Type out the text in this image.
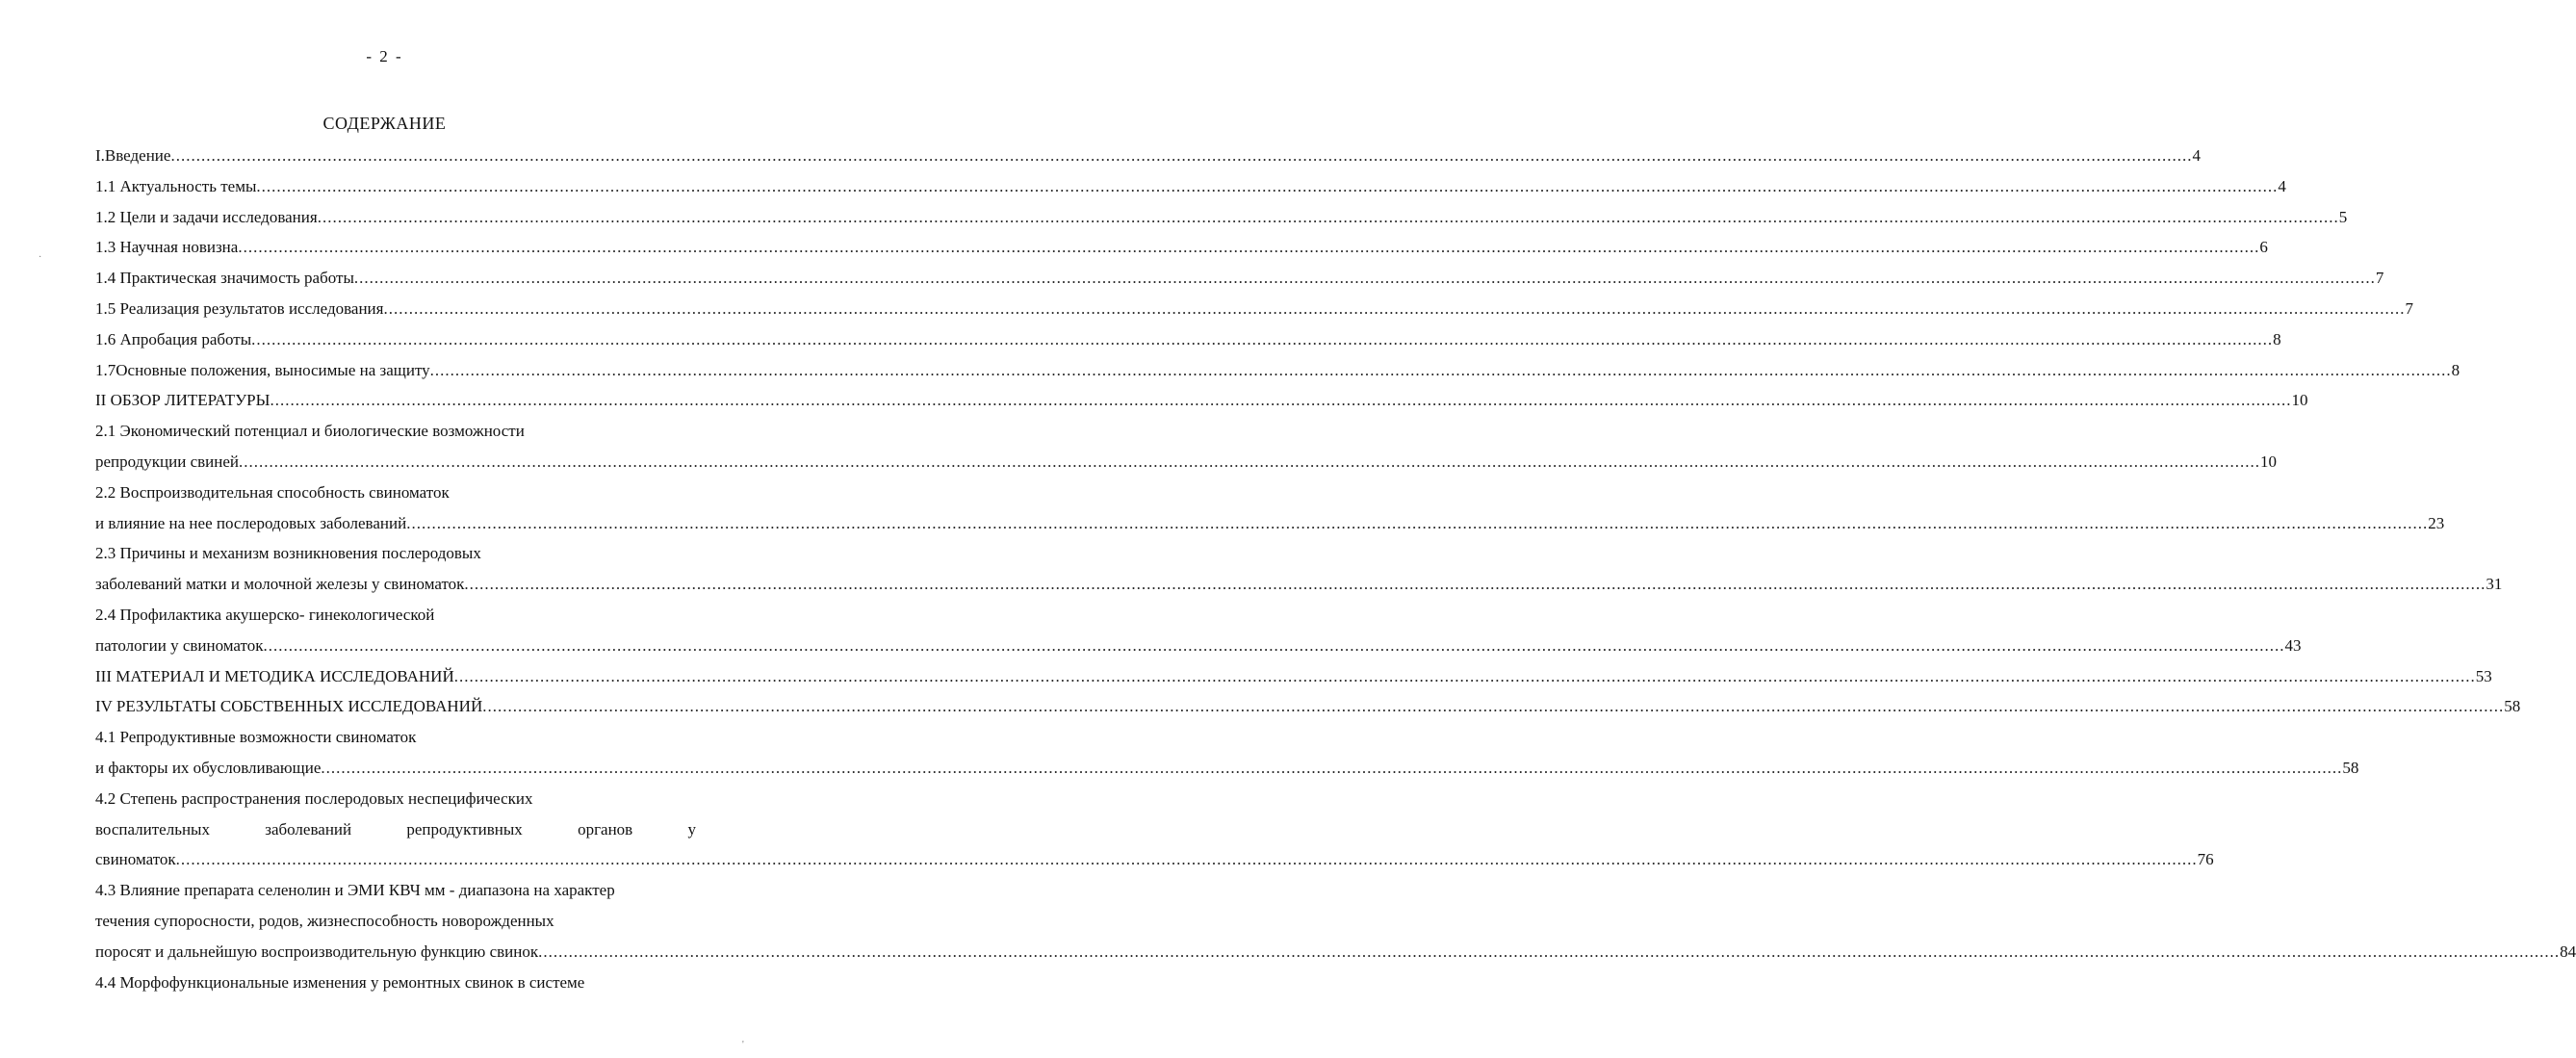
- 2 -
СОДЕРЖАНИЕ
I.Введение ................................................................................................................................................................................................................................................................................................................................................................................................................ 4
1.1 Актуальность темы ................................................................................................................................................................................................................................................................................................................................................................................................................ 4
1.2 Цели и задачи исследования ................................................................................................................................................................................................................................................................................................................................................................................................................ 5
1.3 Научная новизна ................................................................................................................................................................................................................................................................................................................................................................................................................ 6
1.4 Практическая значимость работы ................................................................................................................................................................................................................................................................................................................................................................................................................ 7
1.5 Реализация результатов исследования ................................................................................................................................................................................................................................................................................................................................................................................................................ 7
1.6 Апробация работы ................................................................................................................................................................................................................................................................................................................................................................................................................ 8
1.7Основные положения, выносимые на защиту ................................................................................................................................................................................................................................................................................................................................................................................................................ 8
II ОБЗОР ЛИТЕРАТУРЫ ................................................................................................................................................................................................................................................................................................................................................................................................................ 10
2.1 Экономический потенциал и биологические возможности
репродукции свиней ................................................................................................................................................................................................................................................................................................................................................................................................................ 10
2.2 Воспроизводительная способность свиноматок
и влияние на нее послеродовых заболеваний ................................................................................................................................................................................................................................................................................................................................................................................................................ 23
2.3 Причины и механизм возникновения послеродовых
заболеваний матки и молочной железы у свиноматок ................................................................................................................................................................................................................................................................................................................................................................................................................ 31
2.4 Профилактика акушерско- гинекологической
патологии у свиноматок ................................................................................................................................................................................................................................................................................................................................................................................................................ 43
III МАТЕРИАЛ И МЕТОДИКА ИССЛЕДОВАНИЙ ................................................................................................................................................................................................................................................................................................................................................................................................................ 53
IV РЕЗУЛЬТАТЫ СОБСТВЕННЫХ ИССЛЕДОВАНИЙ ................................................................................................................................................................................................................................................................................................................................................................................................................ 58
4.1 Репродуктивные возможности свиноматок
и факторы их обусловливающие ................................................................................................................................................................................................................................................................................................................................................................................................................ 58
4.2 Степень распространения послеродовых неспецифических
воспалительных	заболеваний	репродуктивных	органов	у
свиноматок ................................................................................................................................................................................................................................................................................................................................................................................................................ 76
4.3 Влияние препарата селенолин и ЭМИ КВЧ мм - диапазона на характер
течения супоросности, родов, жизнеспособность новорожденных
поросят и дальнейшую воспроизводительную функцию свинок ................................................................................................................................................................................................................................................................................................................................................................................................................ 84
4.4 Морфофункциональные изменения у ремонтных свинок в системе
·
'
